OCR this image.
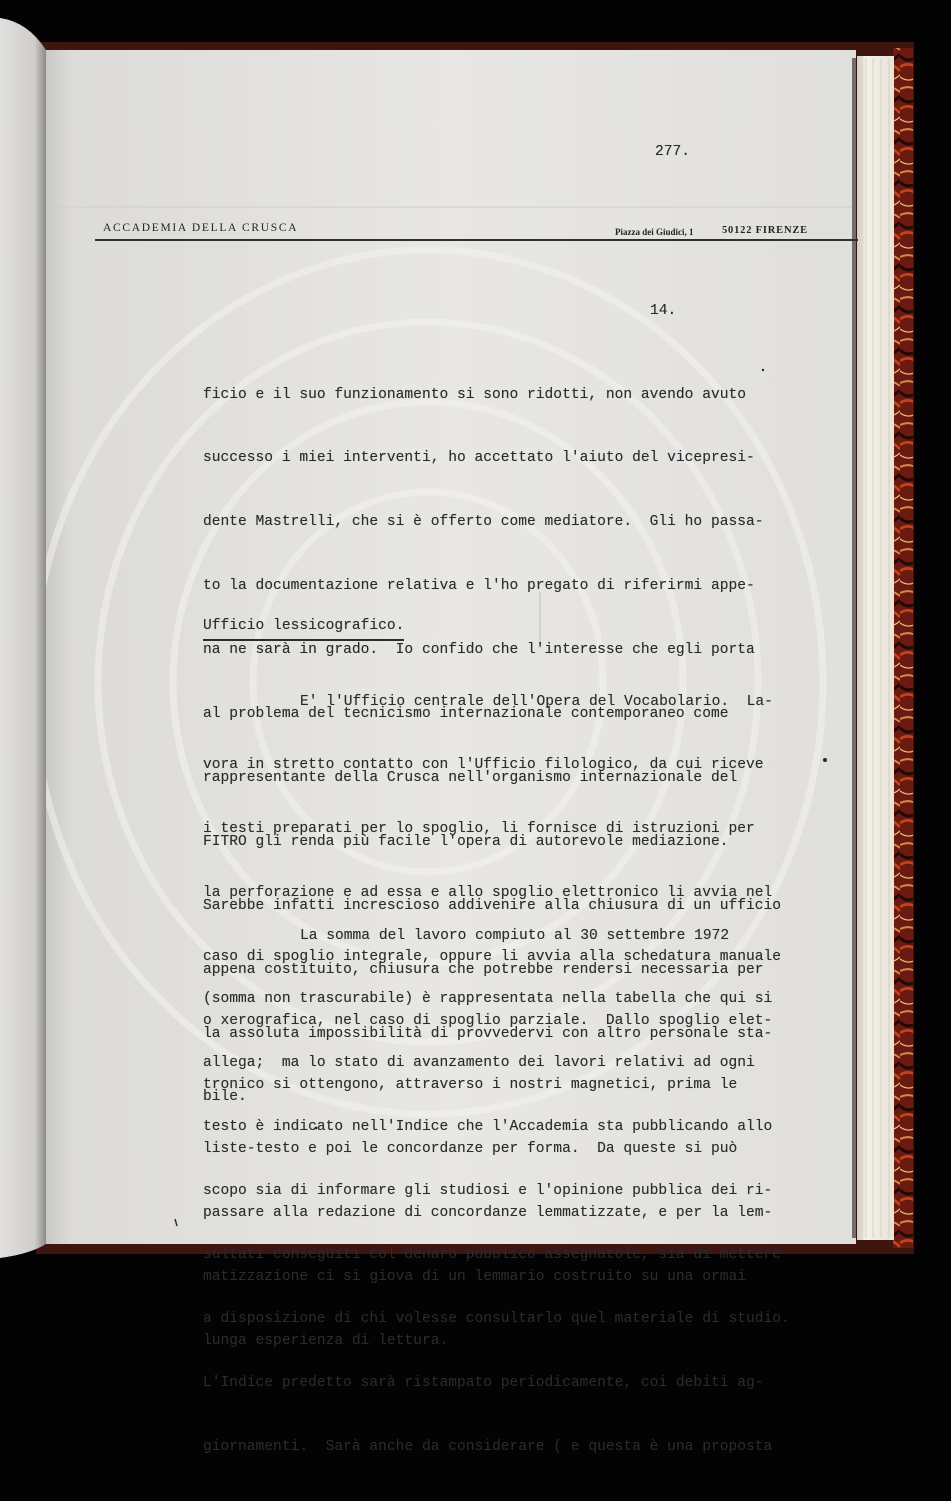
277.
ACCADEMIA DELLA CRUSCA	Piazza dei Giudici, 1	50122 FIRENZE
14.

ficio e il suo funzionamento si sono ridotti, non avendo avuto

successo i miei interventi, ho accettato l'aiuto del vicepresi-

dente Mastrelli, che si è offerto come mediatore.  Gli ho passa-

to la documentazione relativa e l'ho pregato di riferirmi appe-

na ne sarà in grado.  Io confido che l'interesse che egli porta

al problema del tecnicismo internazionale contemporaneo come

rappresentante della Crusca nell'organismo internazionale del

FITRO gli renda più facile l'opera di autorevole mediazione.

Sarebbe infatti increscioso addivenire alla chiusura di un ufficio

appena costituito, chiusura che potrebbe rendersi necessaria per

la assoluta impossibilità di provvedervi con altro personale sta-

bile.

Ufficio lessicografico.

E' l'Ufficio centrale dell'Opera del Vocabolario.  La-

vora in stretto contatto con l'Ufficio filologico, da cui riceve

i testi preparati per lo spoglio, li fornisce di istruzioni per

la perforazione e ad essa e allo spoglio elettronico li avvia nel

caso di spoglio integrale, oppure li avvia alla schedatura manuale

o xerografica, nel caso di spoglio parziale.  Dallo spoglio elet-

tronico si ottengono, attraverso i nostri magnetici, prima le

liste-testo e poi le concordanze per forma.  Da queste si può

passare alla redazione di concordanze lemmatizzate, e per la lem-

matizzazione ci si giova di un lemmario costruito su una ormai

lunga esperienza di lettura.

La somma del lavoro compiuto al 30 settembre 1972

(somma non trascurabile) è rappresentata nella tabella che qui si

allega;  ma lo stato di avanzamento dei lavori relativi ad ogni

testo è indicato nell'Indice che l'Accademia sta pubblicando allo

scopo sia di informare gli studiosi e l'opinione pubblica dei ri-

sultati conseguiti col denaro pubblico assegnatole, sia di mettere

a disposizione di chi volesse consultarlo quel materiale di studio.

L'Indice predetto sarà ristampato periodicamente, coi debiti ag-

giornamenti.  Sarà anche da considerare ( e questa è una proposta
